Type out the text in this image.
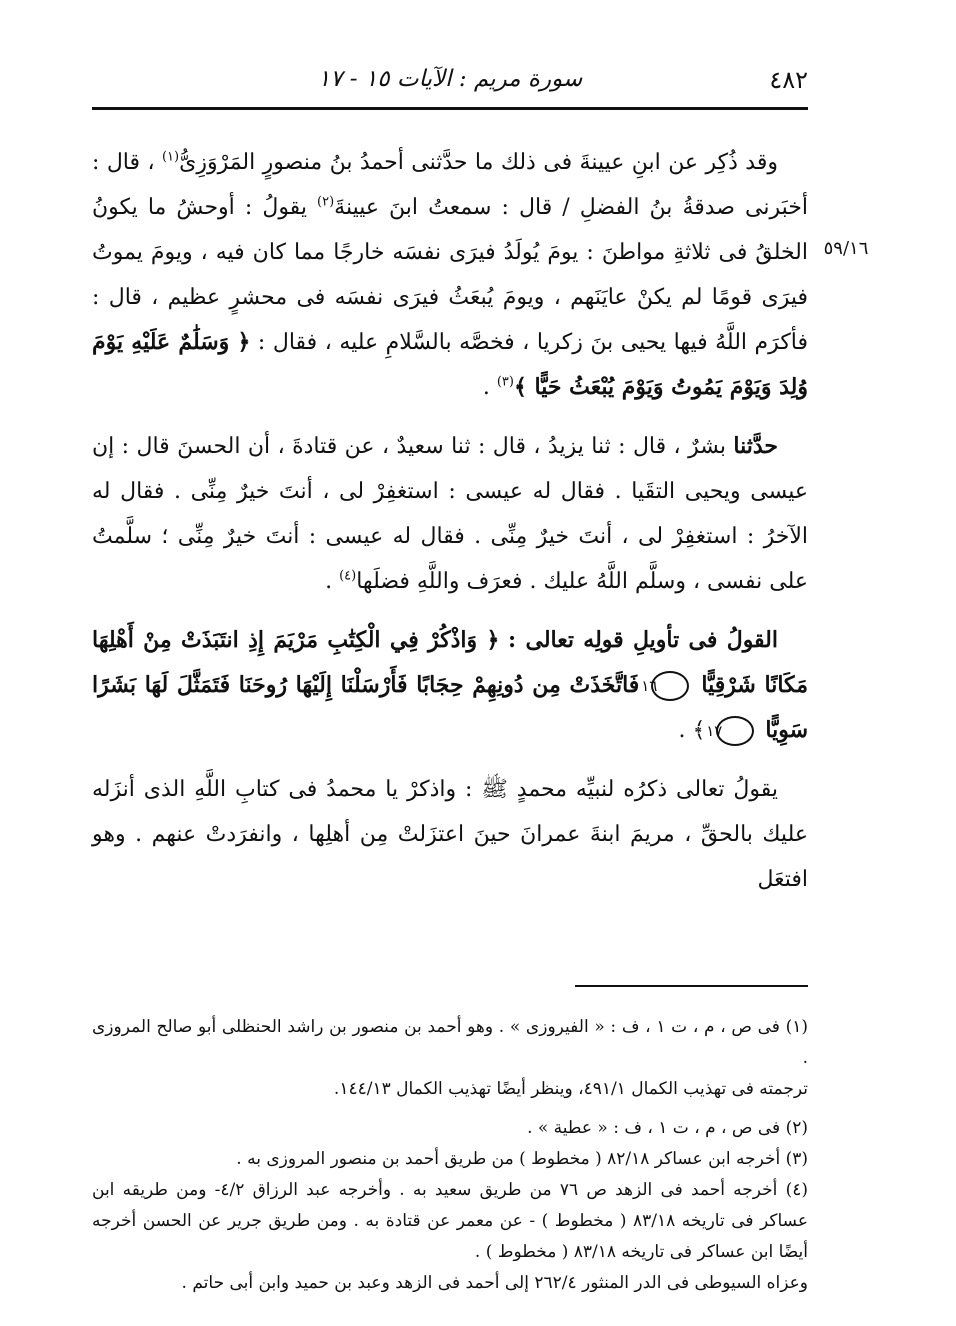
٤٨٢
سورة مريم : الآيات ١٥ - ١٧
٥٩/١٦

وقد ذُكِر عن ابنِ عيينةَ فى ذلك ما حدَّثنى أحمدُ بنُ منصورٍ المَرْوَزِىُّ$^{(١)}$ ، قال : أخبَرنى صدقةُ بنُ الفضلِ / قال : سمعتُ ابنَ عيينةَ$^{(٢)}$ يقولُ : أوحشُ ما يكونُ الخلقُ فى ثلاثةِ مواطنَ : يومَ يُولَدُ فيرَى نفسَه خارجًا مما كان فيه ، ويومَ يموتُ فيرَى قومًا لم يكنْ عايَنَهم ، ويومَ يُبعَثُ فيرَى نفسَه فى محشرٍ عظيم ، قال : فأكرَم اللَّهُ فيها يحيى بنَ زكريا ، فخصَّه بالسَّلامِ عليه ، فقال : ﴿ وَسَلَٰمٌ عَلَيْهِ يَوْمَ وُلِدَ وَيَوْمَ يَمُوتُ وَيَوْمَ يُبْعَثُ حَيًّا ﴾$^{(٣)}$ .

حدَّثنا بشرٌ ، قال : ثنا يزيدُ ، قال : ثنا سعيدٌ ، عن قتادةَ ، أن الحسنَ قال : إن عيسى ويحيى التقَيا . فقال له عيسى : استغفِرْ لى ، أنتَ خيرٌ مِنِّى . فقال له الآخرُ : استغفِرْ لى ، أنتَ خيرٌ مِنِّى . فقال له عيسى : أنتَ خيرٌ مِنِّى ؛ سلَّمتُ على نفسى ، وسلَّم اللَّهُ عليك . فعرَف واللَّهِ فضلَها$^{(٤)}$ .

القولُ فى تأويلِ قولِه تعالى : ﴿ وَاذْكُرْ فِي الْكِتَٰبِ مَرْيَمَ إِذِ انتَبَذَتْ مِنْ أَهْلِهَا مَكَانًا شَرْقِيًّا ١٦ فَاتَّخَذَتْ مِن دُونِهِمْ حِجَابًا فَأَرْسَلْنَا إِلَيْهَا رُوحَنَا فَتَمَثَّلَ لَهَا بَشَرًا سَوِيًّا ١٧ ﴾ .

يقولُ تعالى ذكرُه لنبيِّه محمدٍ ﷺ : واذكرْ يا محمدُ فى كتابِ اللَّهِ الذى أنزَله عليك بالحقِّ ، مريمَ ابنةَ عمرانَ حينَ اعتزَلتْ مِن أهلِها ، وانفرَدتْ عنهم . وهو افتعَل

(١) فى ص ، م ، ت ١ ، ف : « الفيروزى » . وهو أحمد بن منصور بن راشد الحنظلى أبو صالح المروزى .

ترجمته فى تهذيب الكمال ٤٩١/١، وينظر أيضًا تهذيب الكمال ١٤٤/١٣.

(٢) فى ص ، م ، ت ١ ، ف : « عطية » .

(٣) أخرجه ابن عساكر ٨٢/١٨ ( مخطوط ) من طريق أحمد بن منصور المروزى به .

(٤) أخرجه أحمد فى الزهد ص ٧٦ من طريق سعيد به . وأخرجه عبد الرزاق ٤/٢- ومن طريقه ابن عساكر فى تاريخه ٨٣/١٨ ( مخطوط ) - عن معمر عن قتادة به . ومن طريق جرير عن الحسن أخرجه أيضًا ابن عساكر فى تاريخه ٨٣/١٨ ( مخطوط ) .

وعزاه السيوطى فى الدر المنثور ٢٦٢/٤ إلى أحمد فى الزهد وعبد بن حميد وابن أبى حاتم .
